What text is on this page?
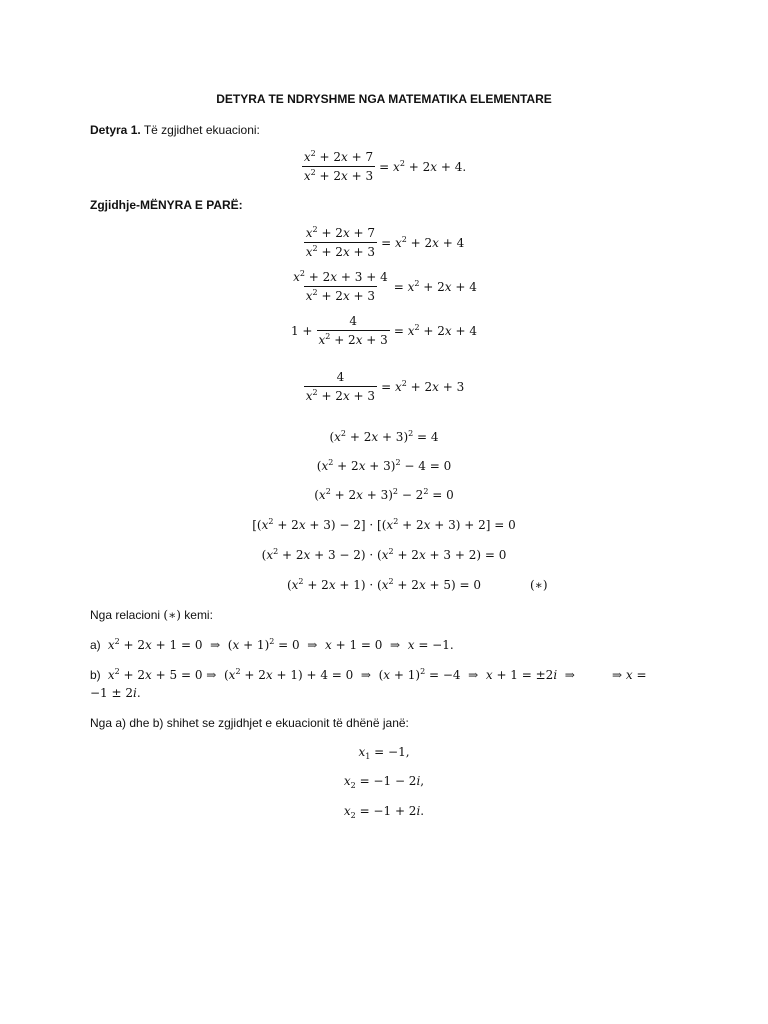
DETYRA TE NDRYSHME NGA MATEMATIKA ELEMENTARE
Detyra 1. Të zgjidhet ekuacioni:
$\frac{x^2 + 2x + 7}{x^2 + 2x + 3} = x^2 + 2x + 4$.
Zgjidhje-MËNYRA E PARË:
$\frac{x^2 + 2x + 7}{x^2 + 2x + 3} = x^2 + 2x + 4$
$\frac{x^2 + 2x + 3 + 4}{x^2 + 2x + 3} = x^2 + 2x + 4$
$1 + \frac{4}{x^2 + 2x + 3} = x^2 + 2x + 4$
$\frac{4}{x^2 + 2x + 3} = x^2 + 2x + 3$
$(x^2 + 2x + 3)^2 = 4$
$(x^2 + 2x + 3)^2 - 4 = 0$
$(x^2 + 2x + 3)^2 - 2^2 = 0$
$[(x^2 + 2x + 3) - 2] \cdot [(x^2 + 2x + 3) + 2] = 0$
$(x^2 + 2x + 3 - 2) \cdot (x^2 + 2x + 3 + 2) = 0$
$(x^2 + 2x + 1) \cdot (x^2 + 2x + 5) = 0$	(∗)
Nga relacioni (∗) kemi:
a) $x^2 + 2x + 1 = 0$  ⇒  $(x + 1)^2 = 0$  ⇒  x + 1 = 0  ⇒  x = −1.
b) $x^2 + 2x + 5 = 0$ ⇒  $(x^2 + 2x + 1) + 4 = 0$  ⇒  $(x + 1)^2 = -4$  ⇒  x + 1 = ±2i  ⇒	⇒ x =
−1 ± 2i.
Nga a) dhe b) shihet se zgjidhjet e ekuacionit të dhënë janë:
$x_1 = -1$,
$x_2 = -1 - 2i$,
$x_2 = -1 + 2i$.
